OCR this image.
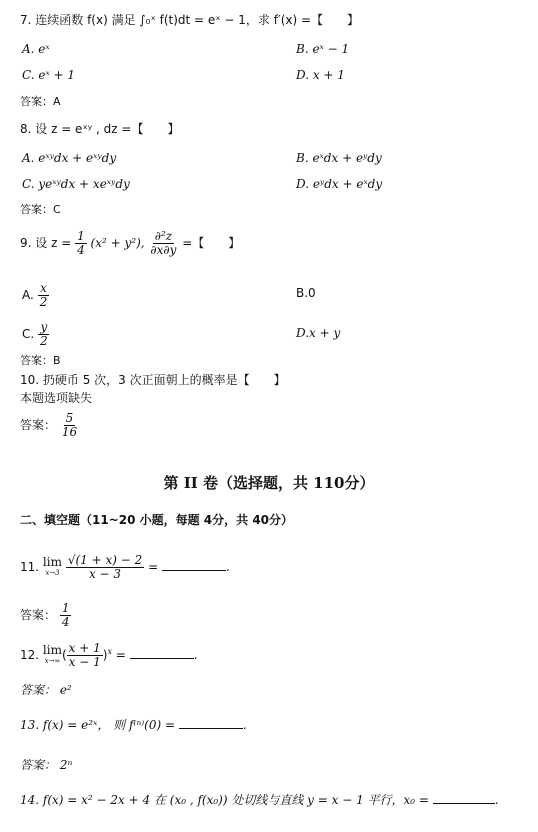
7. 连续函数 f(x) 满足 ∫₀ˣ f(t)dt = eˣ − 1，求 f′(x) =【　　】
A. eˣ	B. eˣ − 1
C. eˣ + 1	D. x + 1
答案：A
8. 设 z = eˣʸ , dz =【　　】
A. eˣʸdx + eˣʸdy	B. eˣdx + eʸdy
C. yeˣʸdx + xeˣʸdy	D. eʸdx + eˣdy
答案：C
9. 设 $z = \frac{1}{4} (x^2 + y^2)$, $\frac{\text{∂²z}}{\partial x\partial y}$ =【　　】
A. $\frac{x}{2}$	B.0
C. $\frac{y}{2}$	D.x + y
答案：B
10. 扔硬币 5 次，3 次正面朝上的概率是【　　】
本题选项缺失
答案： $\frac{5}{16}$
第 II 卷（选择题，共 110分）
二、填空题（11~20 小题，每题 4分，共 40分）
11. lim
x→3
$\frac{√(1 + x) - 2}{x - 3}$ =	.
答案： $\frac{1}{4}$
12. lim
x→∞ ( $\frac{x + 1}{x - 1} )^x$ =	.
答案： e²
13. f(x) = e²ˣ， 则 f⁽ⁿ⁾(0) =	.
答案： 2ⁿ
14. f(x) = x² − 2x + 4 在 (x₀ , f(x₀)) 处切线与直线 y = x − 1 平行，x₀ =	.
